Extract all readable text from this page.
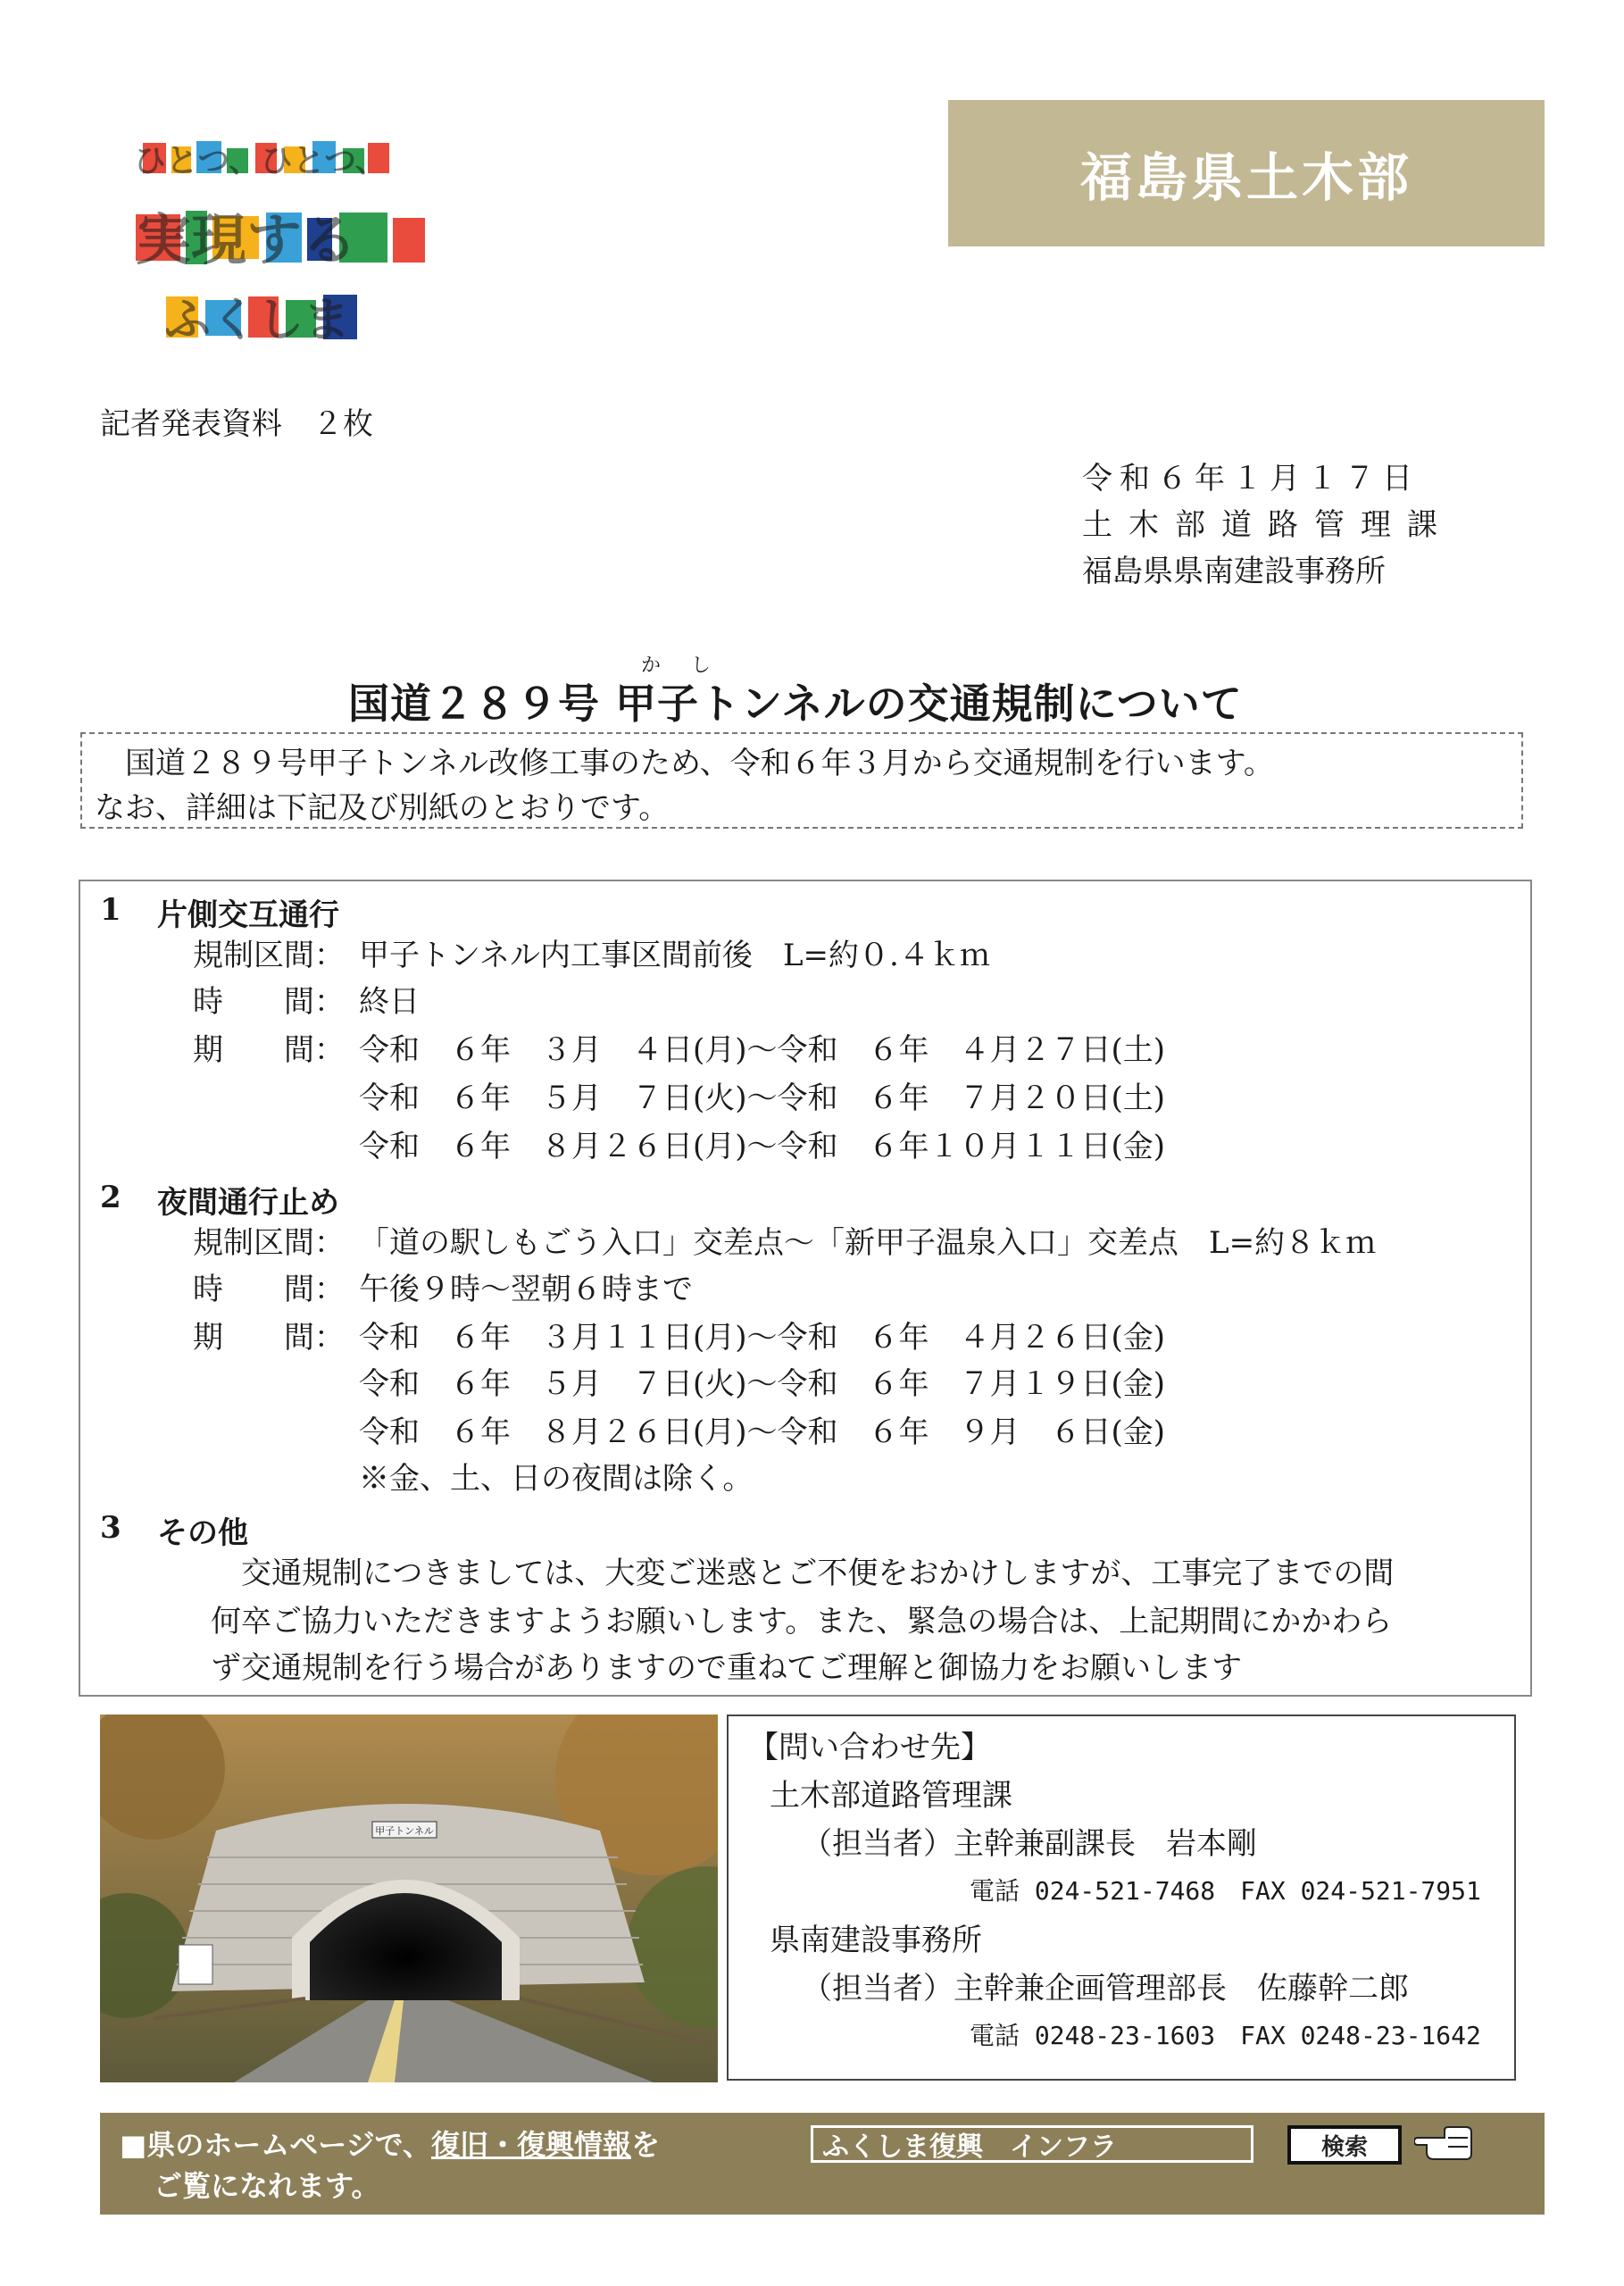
ひとつ、ひとつ、
実現する
ふくしま
福島県土木部
記者発表資料　２枚
令和６年１月１７日
土木部道路管理課
福島県県南建設事務所
かし
国道２８９号 甲子トンネルの交通規制について
　国道２８９号甲子トンネル改修工事のため、令和６年３月から交通規制を行います。
なお、詳細は下記及び別紙のとおりです。
1 片側交互通行
規制区間： 甲子トンネル内工事区間前後　L=約０.４ｋｍ
時　　間： 終日
期　　間： 令和　６年　３月　４日(月)～令和　６年　４月２７日(土)
令和　６年　５月　７日(火)～令和　６年　７月２０日(土)
令和　６年　８月２６日(月)～令和　６年１０月１１日(金)
2 夜間通行止め
規制区間： 「道の駅しもごう入口」交差点～「新甲子温泉入口」交差点　L=約８ｋｍ
時　　間： 午後９時～翌朝６時まで
期　　間： 令和　６年　３月１１日(月)～令和　６年　４月２６日(金)
令和　６年　５月　７日(火)～令和　６年　７月１９日(金)
令和　６年　８月２６日(月)～令和　６年　９月　６日(金)
※金、土、日の夜間は除く。
3 その他
　交通規制につきましては、大変ご迷惑とご不便をおかけしますが、工事完了までの間
何卒ご協力いただきますようお願いします。また、緊急の場合は、上記期間にかかわら
ず交通規制を行う場合がありますので重ねてご理解と御協力をお願いします
甲子トンネル
【問い合わせ先】
土木部道路管理課
（担当者）主幹兼副課長　岩本剛
電話 024-521-7468　FAX 024-521-7951
県南建設事務所
（担当者）主幹兼企画管理部長　佐藤幹二郎
電話 0248-23-1603　FAX 0248-23-1642
■県のホームページで、復旧・復興情報を
ご覧になれます。
ふくしま復興　インフラ
検索
